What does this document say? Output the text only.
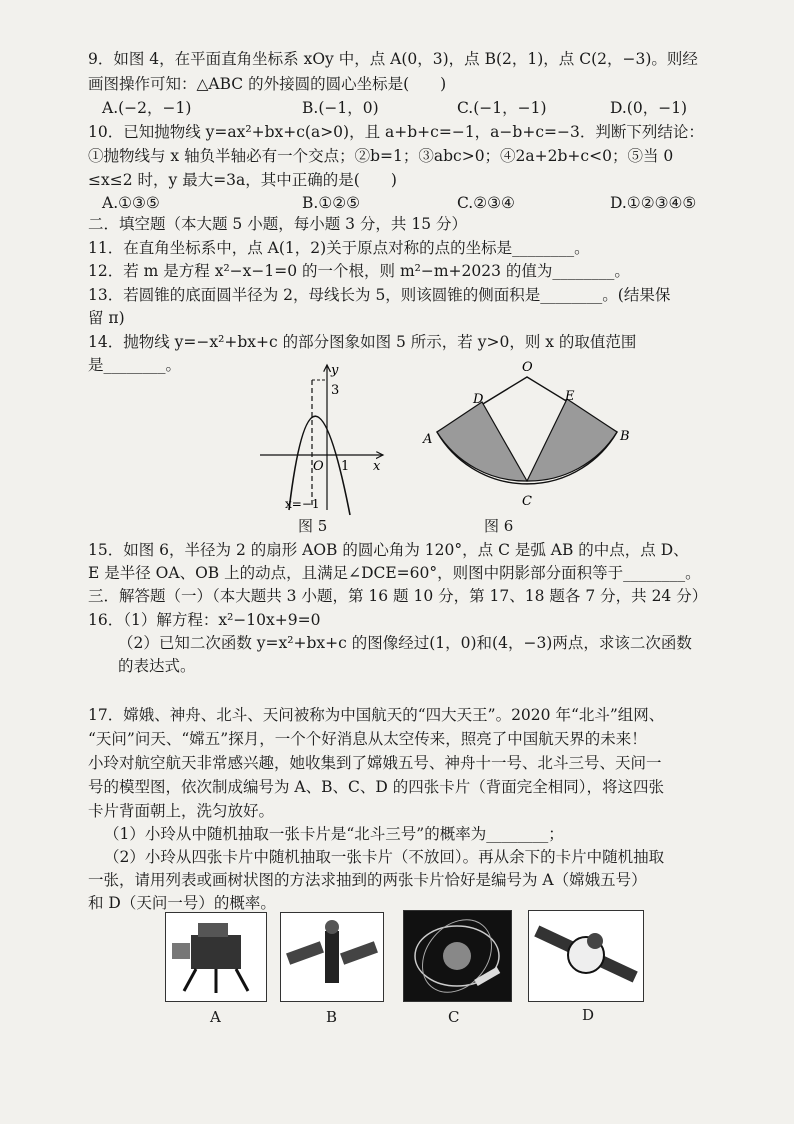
9．如图 4，在平面直角坐标系 xOy 中，点 A(0，3)，点 B(2，1)，点 C(2，−3)。则经
画图操作可知：△ABC 的外接圆的圆心坐标是(　　)
A.(−2，−1)	B.(−1，0)	C.(−1，−1)	D.(0，−1)
10．已知抛物线 y=ax²+bx+c(a>0)，且 a+b+c=−1，a−b+c=−3．判断下列结论：
①抛物线与 x 轴负半轴必有一个交点；②b=1；③abc>0；④2a+2b+c<0；⑤当 0
≤x≤2 时，y 最大=3a，其中正确的是(　　)
A.①③⑤	B.①②⑤	C.②③④	D.①②③④⑤
二．填空题（本大题 5 小题，每小题 3 分，共 15 分）
11．在直角坐标系中，点 A(1，2)关于原点对称的点的坐标是________。
12．若 m 是方程 x²−x−1=0 的一个根，则 m²−m+2023 的值为________。
13．若圆锥的底面圆半径为 2，母线长为 5，则该圆锥的侧面积是________。(结果保
留 π)
14．抛物线 y=−x²+bx+c 的部分图象如图 5 所示，若 y>0，则 x 的取值范围
是________。	y
x
O
3
1
x=−1
图 5
O
A	B
C
D	E
图 6
15．如图 6，半径为 2 的扇形 AOB 的圆心角为 120°，点 C 是弧 AB 的中点，点 D、
E 是半径 OA、OB 上的动点，且满足∠DCE=60°，则图中阴影部分面积等于________。
三．解答题（一）（本大题共 3 小题，第 16 题 10 分，第 17、18 题各 7 分，共 24 分）
16．（1）解方程：x²−10x+9=0
（2）已知二次函数 y=x²+bx+c 的图像经过(1，0)和(4，−3)两点，求该二次函数
的表达式。
17．嫦娥、神舟、北斗、天问被称为中国航天的“四大天王”。2020 年“北斗”组网、
“天问”问天、“嫦五”探月，一个个好消息从太空传来，照亮了中国航天界的未来！
小玲对航空航天非常感兴趣，她收集到了嫦娥五号、神舟十一号、北斗三号、天问一
号的模型图，依次制成编号为 A、B、C、D 的四张卡片（背面完全相同），将这四张
卡片背面朝上，洗匀放好。
（1）小玲从中随机抽取一张卡片是“北斗三号”的概率为________；
（2）小玲从四张卡片中随机抽取一张卡片（不放回）。再从余下的卡片中随机抽取
一张，请用列表或画树状图的方法求抽到的两张卡片恰好是编号为 A（嫦娥五号）
和 D（天问一号）的概率。
A	B	C	D
